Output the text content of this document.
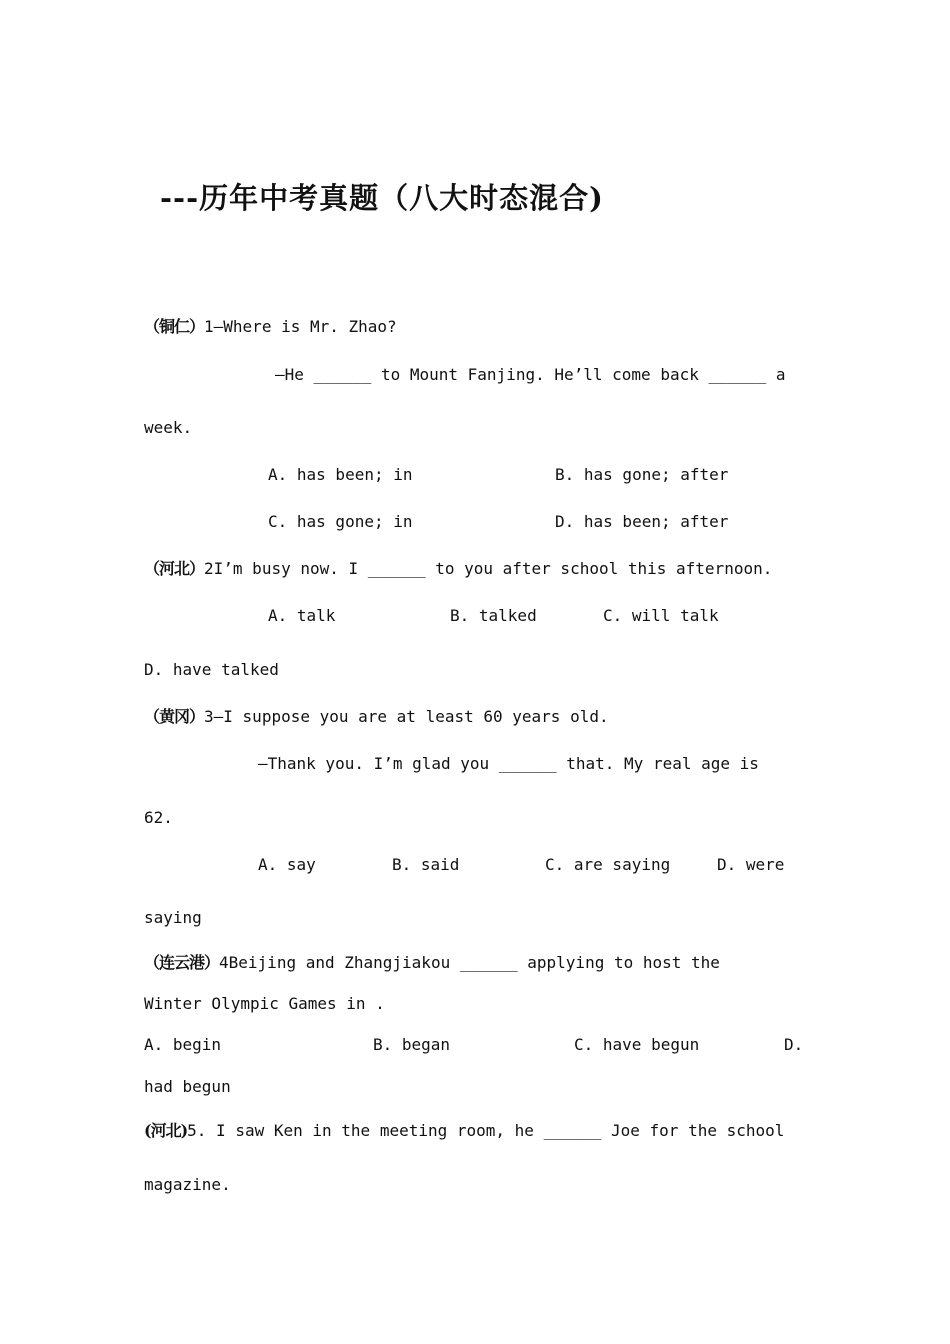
---历年中考真题（八大时态混合)
（铜仁）1—Where is Mr. Zhao?
—He ______ to Mount Fanjing. He’ll come back ______ a
week.
A. has been; in	B. has gone; after
C. has gone; in	D. has been; after
（河北）2I’m busy now. I ______ to you after school this afternoon.
A. talk	B. talked	C. will talk
D. have talked
（黄冈）3—I suppose you are at least 60 years old.
—Thank you. I’m glad you ______ that. My real age is
62.
A. say	B. said	C. are saying	D. were
saying
（连云港）4Beijing and Zhangjiakou ______ applying to host the
Winter Olympic Games in .
A. begin	B. began	C. have begun	D.
had begun
(河北)5. I saw Ken in the meeting room, he ______ Joe for the school
magazine.
